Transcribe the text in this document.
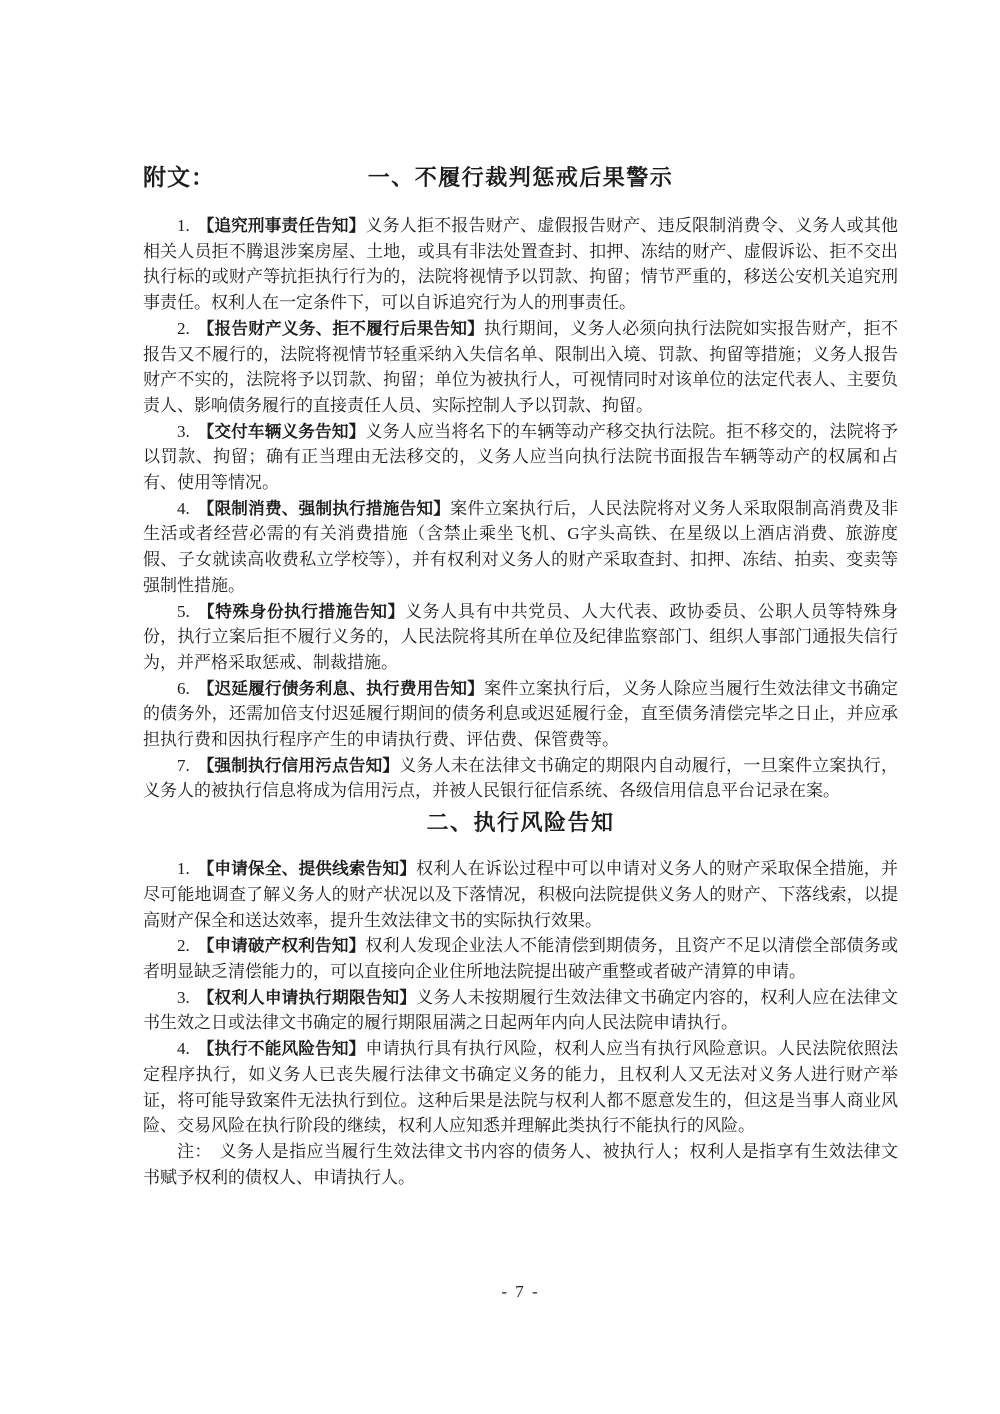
附文：	一、不履行裁判惩戒后果警示

1. 【追究刑事责任告知】义务人拒不报告财产、虚假报告财产、违反限制消费令、义务人或其他相关人员拒不腾退涉案房屋、土地，或具有非法处置查封、扣押、冻结的财产、虚假诉讼、拒不交出执行标的或财产等抗拒执行行为的，法院将视情予以罚款、拘留；情节严重的，移送公安机关追究刑事责任。权利人在一定条件下，可以自诉追究行为人的刑事责任。

2. 【报告财产义务、拒不履行后果告知】执行期间，义务人必须向执行法院如实报告财产，拒不报告又不履行的，法院将视情节轻重采纳入失信名单、限制出入境、罚款、拘留等措施；义务人报告财产不实的，法院将予以罚款、拘留；单位为被执行人，可视情同时对该单位的法定代表人、主要负责人、影响债务履行的直接责任人员、实际控制人予以罚款、拘留。

3. 【交付车辆义务告知】义务人应当将名下的车辆等动产移交执行法院。拒不移交的，法院将予以罚款、拘留；确有正当理由无法移交的，义务人应当向执行法院书面报告车辆等动产的权属和占有、使用等情况。

4. 【限制消费、强制执行措施告知】案件立案执行后，人民法院将对义务人采取限制高消费及非生活或者经营必需的有关消费措施（含禁止乘坐飞机、G字头高铁、在星级以上酒店消费、旅游度假、子女就读高收费私立学校等），并有权利对义务人的财产采取查封、扣押、冻结、拍卖、变卖等强制性措施。

5. 【特殊身份执行措施告知】义务人具有中共党员、人大代表、政协委员、公职人员等特殊身份，执行立案后拒不履行义务的，人民法院将其所在单位及纪律监察部门、组织人事部门通报失信行为，并严格采取惩戒、制裁措施。

6. 【迟延履行债务利息、执行费用告知】案件立案执行后，义务人除应当履行生效法律文书确定的债务外，还需加倍支付迟延履行期间的债务利息或迟延履行金，直至债务清偿完毕之日止，并应承担执行费和因执行程序产生的申请执行费、评估费、保管费等。

7. 【强制执行信用污点告知】义务人未在法律文书确定的期限内自动履行，一旦案件立案执行，义务人的被执行信息将成为信用污点，并被人民银行征信系统、各级信用信息平台记录在案。

二、执行风险告知

1. 【申请保全、提供线索告知】权利人在诉讼过程中可以申请对义务人的财产采取保全措施，并尽可能地调查了解义务人的财产状况以及下落情况，积极向法院提供义务人的财产、下落线索，以提高财产保全和送达效率，提升生效法律文书的实际执行效果。

2. 【申请破产权利告知】权利人发现企业法人不能清偿到期债务，且资产不足以清偿全部债务或者明显缺乏清偿能力的，可以直接向企业住所地法院提出破产重整或者破产清算的申请。

3. 【权利人申请执行期限告知】义务人未按期履行生效法律文书确定内容的，权利人应在法律文书生效之日或法律文书确定的履行期限届满之日起两年内向人民法院申请执行。

4. 【执行不能风险告知】申请执行具有执行风险，权利人应当有执行风险意识。人民法院依照法定程序执行，如义务人已丧失履行法律文书确定义务的能力，且权利人又无法对义务人进行财产举证，将可能导致案件无法执行到位。这种后果是法院与权利人都不愿意发生的，但这是当事人商业风险、交易风险在执行阶段的继续，权利人应知悉并理解此类执行不能执行的风险。

注： 义务人是指应当履行生效法律文书内容的债务人、被执行人；权利人是指享有生效法律文书赋予权利的债权人、申请执行人。

- 7 -
